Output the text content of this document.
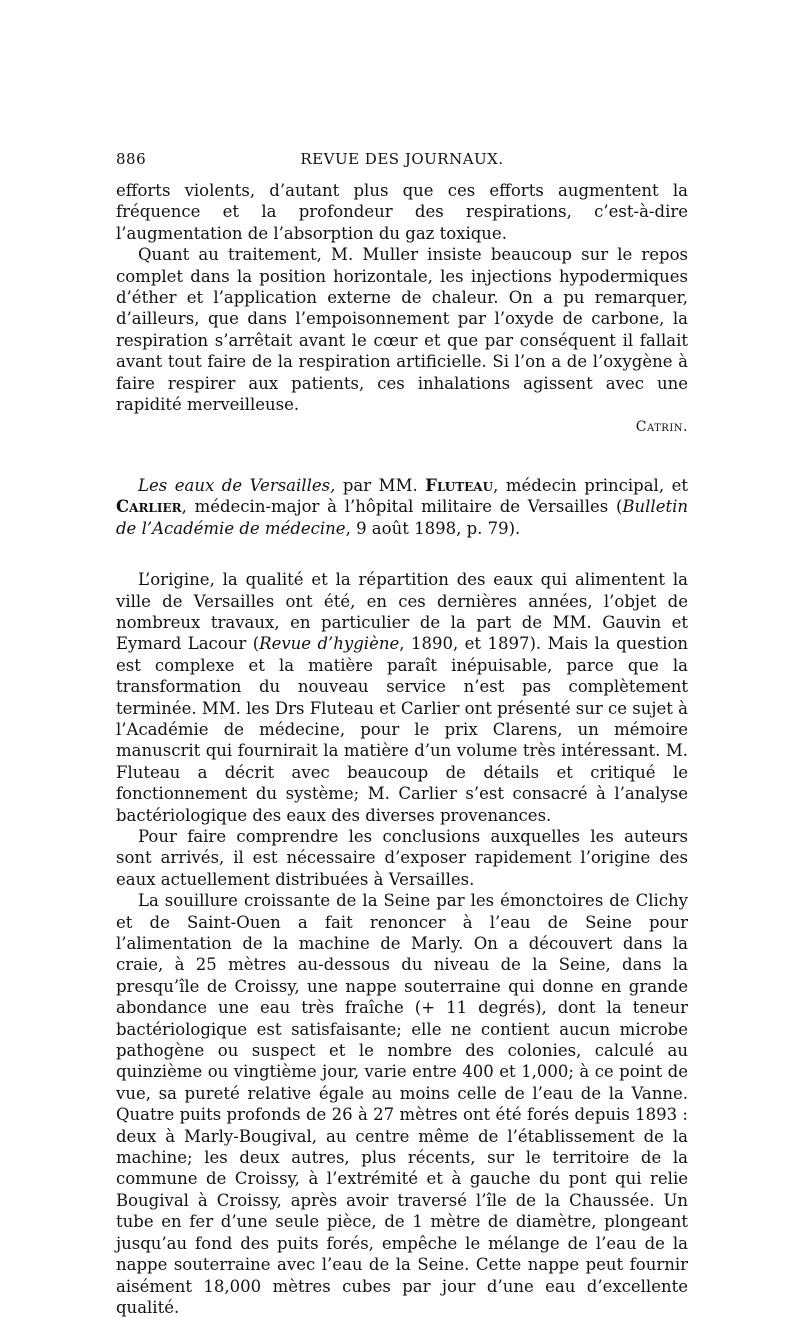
886	REVUE DES JOURNAUX.

efforts violents, d’autant plus que ces efforts augmentent la fréquence et la profondeur des respirations, c’est-à-dire l’augmentation de l’absorption du gaz toxique.

Quant au traitement, M. Muller insiste beaucoup sur le repos complet dans la position horizontale, les injections hypodermiques d’éther et l’application externe de chaleur. On a pu remarquer, d’ailleurs, que dans l’empoisonnement par l’oxyde de carbone, la respiration s’arrêtait avant le cœur et que par conséquent il fallait avant tout faire de la respiration artificielle. Si l’on a de l’oxygène à faire respirer aux patients, ces inhalations agissent avec une rapidité merveilleuse.

Catrin.

Les eaux de Versailles, par MM. Fluteau, médecin principal, et Carlier, médecin-major à l’hôpital militaire de Versailles (Bulletin de l’Académie de médecine, 9 août 1898, p. 79).

L’origine, la qualité et la répartition des eaux qui alimentent la ville de Versailles ont été, en ces dernières années, l’objet de nombreux travaux, en particulier de la part de MM. Gauvin et Eymard Lacour (Revue d’hygiène, 1890, et 1897). Mais la question est complexe et la matière paraît inépuisable, parce que la transformation du nouveau service n’est pas complètement terminée. MM. les Drs Fluteau et Carlier ont présenté sur ce sujet à l’Académie de médecine, pour le prix Clarens, un mémoire manuscrit qui fournirait la matière d’un volume très intéressant. M. Fluteau a décrit avec beaucoup de détails et critiqué le fonctionnement du système; M. Carlier s’est consacré à l’analyse bactériologique des eaux des diverses provenances.

Pour faire comprendre les conclusions auxquelles les auteurs sont arrivés, il est nécessaire d’exposer rapidement l’origine des eaux actuellement distribuées à Versailles.

La souillure croissante de la Seine par les émonctoires de Clichy et de Saint-Ouen a fait renoncer à l’eau de Seine pour l’alimentation de la machine de Marly. On a découvert dans la craie, à 25 mètres au-dessous du niveau de la Seine, dans la presqu’île de Croissy, une nappe souterraine qui donne en grande abondance une eau très fraîche (+ 11 degrés), dont la teneur bactériologique est satisfaisante; elle ne contient aucun microbe pathogène ou suspect et le nombre des colonies, calculé au quinzième ou vingtième jour, varie entre 400 et 1,000; à ce point de vue, sa pureté relative égale au moins celle de l’eau de la Vanne. Quatre puits profonds de 26 à 27 mètres ont été forés depuis 1893 : deux à Marly-Bougival, au centre même de l’établissement de la machine; les deux autres, plus récents, sur le territoire de la commune de Croissy, à l’extrémité et à gauche du pont qui relie Bougival à Croissy, après avoir traversé l’île de la Chaussée. Un tube en fer d’une seule pièce, de 1 mètre de diamètre, plongeant jusqu’au fond des puits forés, empêche le mélange de l’eau de la nappe souterraine avec l’eau de la Seine. Cette nappe peut fournir aisément 18,000 mètres cubes par jour d’une eau d’excellente qualité.
